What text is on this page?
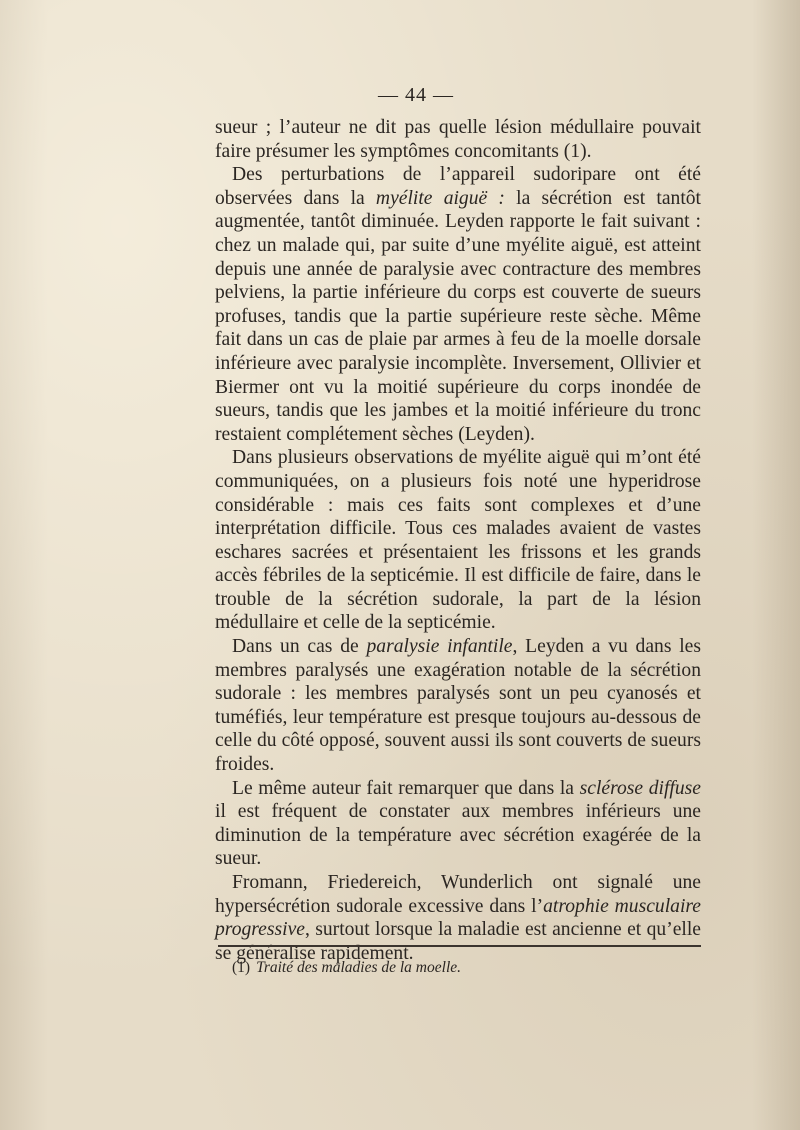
— 44 —

sueur ; l’auteur ne dit pas quelle lésion médullaire pouvait faire présumer les symptômes concomitants (1).

Des perturbations de l’appareil sudoripare ont été observées dans la myélite aiguë : la sécrétion est tantôt augmentée, tantôt diminuée. Leyden rapporte le fait suivant : chez un malade qui, par suite d’une myélite aiguë, est atteint depuis une année de paralysie avec contracture des membres pelviens, la partie inférieure du corps est couverte de sueurs profuses, tandis que la partie supérieure reste sèche. Même fait dans un cas de plaie par armes à feu de la moelle dorsale inférieure avec paralysie incomplète. Inversement, Ollivier et Biermer ont vu la moitié supérieure du corps inondée de sueurs, tandis que les jambes et la moitié inférieure du tronc restaient complétement sèches (Leyden).

Dans plusieurs observations de myélite aiguë qui m’ont été communiquées, on a plusieurs fois noté une hyperidrose considérable : mais ces faits sont complexes et d’une interprétation difficile. Tous ces malades avaient de vastes eschares sacrées et présentaient les frissons et les grands accès fébriles de la septicémie. Il est difficile de faire, dans le trouble de la sécrétion sudorale, la part de la lésion médullaire et celle de la septicémie.

Dans un cas de paralysie infantile, Leyden a vu dans les membres paralysés une exagération notable de la sécrétion sudorale : les membres paralysés sont un peu cyanosés et tuméfiés, leur température est presque toujours au-dessous de celle du côté opposé, souvent aussi ils sont couverts de sueurs froides.

Le même auteur fait remarquer que dans la sclérose diffuse il est fréquent de constater aux membres inférieurs une diminution de la température avec sécrétion exagérée de la sueur.

Fromann, Friedereich, Wunderlich ont signalé une hypersécrétion sudorale excessive dans l’atrophie musculaire progressive, surtout lorsque la maladie est ancienne et qu’elle se généralise rapidement.

(1) Traité des maladies de la moelle.
